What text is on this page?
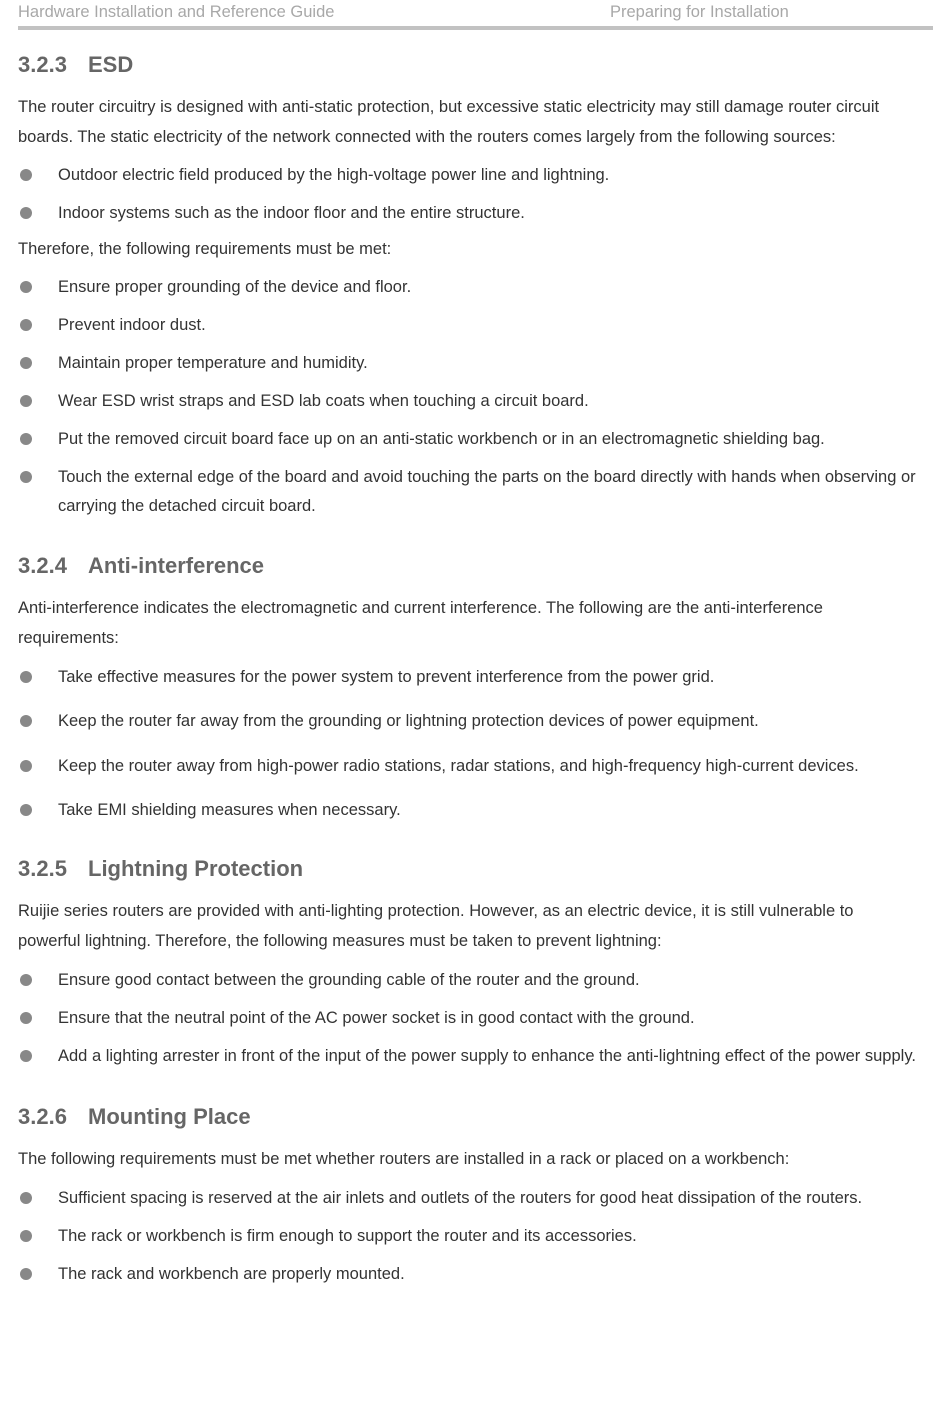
Hardware Installation and Reference Guide	Preparing for Installation
3.2.3 ESD

The router circuitry is designed with anti-static protection, but excessive static electricity may still damage router circuit boards. The static electricity of the network connected with the routers comes largely from the following sources:

Outdoor electric field produced by the high-voltage power line and lightning.
Indoor systems such as the indoor floor and the entire structure.

Therefore, the following requirements must be met:

Ensure proper grounding of the device and floor.
Prevent indoor dust.
Maintain proper temperature and humidity.
Wear ESD wrist straps and ESD lab coats when touching a circuit board.
Put the removed circuit board face up on an anti-static workbench or in an electromagnetic shielding bag.
Touch the external edge of the board and avoid touching the parts on the board directly with hands when observing or carrying the detached circuit board.
3.2.4 Anti-interference

Anti-interference indicates the electromagnetic and current interference. The following are the anti-interference requirements:

Take effective measures for the power system to prevent interference from the power grid.
Keep the router far away from the grounding or lightning protection devices of power equipment.
Keep the router away from high-power radio stations, radar stations, and high-frequency high-current devices.
Take EMI shielding measures when necessary.
3.2.5 Lightning Protection

Ruijie series routers are provided with anti-lighting protection. However, as an electric device, it is still vulnerable to powerful lightning. Therefore, the following measures must be taken to prevent lightning:

Ensure good contact between the grounding cable of the router and the ground.
Ensure that the neutral point of the AC power socket is in good contact with the ground.
Add a lighting arrester in front of the input of the power supply to enhance the anti-lightning effect of the power supply.
3.2.6 Mounting Place

The following requirements must be met whether routers are installed in a rack or placed on a workbench:

Sufficient spacing is reserved at the air inlets and outlets of the routers for good heat dissipation of the routers.
The rack or workbench is firm enough to support the router and its accessories.
The rack and workbench are properly mounted.
